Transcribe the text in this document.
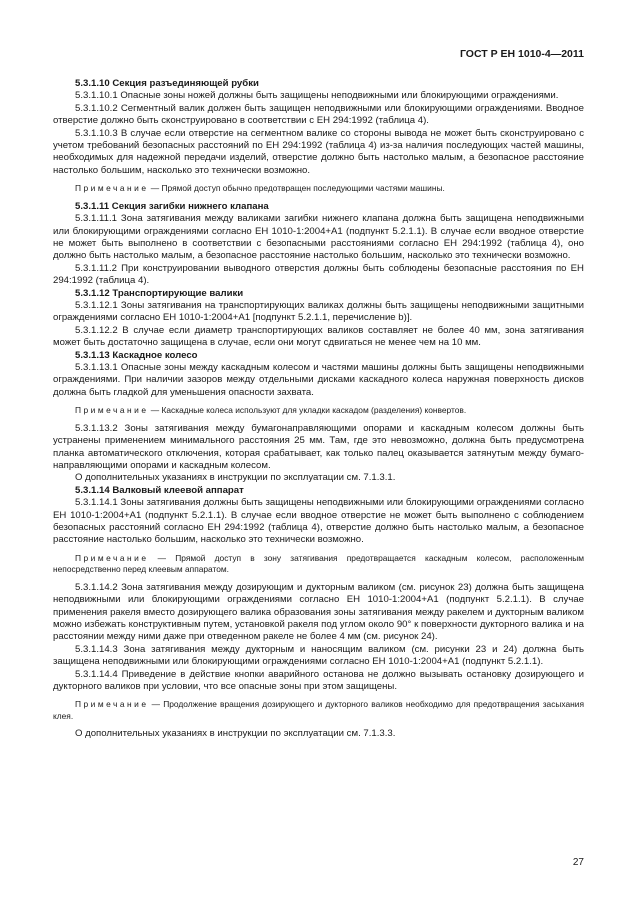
ГОСТ Р ЕН 1010-4—2011

5.3.1.10 Секция разъединяющей рубки

5.3.1.10.1 Опасные зоны ножей должны быть защищены неподвижными или блокирующими ограждениями.

5.3.1.10.2 Сегментный валик должен быть защищен неподвижными или блокирующими ограждениями. Вводное отверстие должно быть сконструировано в соответствии с ЕН 294:1992 (таблица 4).

5.3.1.10.3 В случае если отверстие на сегментном валике со стороны вывода не может быть сконструировано с учетом требований безопасных расстояний по ЕН 294:1992 (таблица 4) из-за наличия последующих частей машины, необходимых для надежной передачи изделий, отверстие должно быть настолько малым, а безопасное расстояние настолько большим, насколько это технически возможно.

Примечание — Прямой доступ обычно предотвращен последующими частями машины.

5.3.1.11 Секция загибки нижнего клапана

5.3.1.11.1 Зона затягивания между валиками загибки нижнего клапана должна быть защищена неподвижными или блокирующими ограждениями согласно ЕН 1010-1:2004+A1 (подпункт 5.2.1.1). В случае если вводное отверстие не может быть выполнено в соответствии с безопасными расстояниями согласно ЕН 294:1992 (таблица 4), оно должно быть настолько малым, а безопасное расстояние настолько большим, насколько это технически возможно.

5.3.1.11.2 При конструировании выводного отверстия должны быть соблюдены безопасные расстояния по ЕН 294:1992 (таблица 4).

5.3.1.12 Транспортирующие валики

5.3.1.12.1 Зоны затягивания на транспортирующих валиках должны быть защищены неподвижными защитными ограждениями согласно ЕН 1010-1:2004+A1 [подпункт 5.2.1.1, перечисление b)].

5.3.1.12.2 В случае если диаметр транспортирующих валиков составляет не более 40 мм, зона затягивания может быть достаточно защищена в случае, если они могут сдвигаться не менее чем на 10 мм.

5.3.1.13 Каскадное колесо

5.3.1.13.1 Опасные зоны между каскадным колесом и частями машины должны быть защищены неподвижными ограждениями. При наличии зазоров между отдельными дисками каскадного колеса наружная поверхность дисков должна быть гладкой для уменьшения опасности захвата.

Примечание — Каскадные колеса используют для укладки каскадом (разделения) конвертов.

5.3.1.13.2 Зоны затягивания между бумагонаправляющими опорами и каскадным колесом должны быть устранены применением минимального расстояния 25 мм. Там, где это невозможно, должна быть предусмотрена планка автоматического отключения, которая срабатывает, как только палец оказывается затянутым между бумагонаправляющими опорами и каскадным колесом.

О дополнительных указаниях в инструкции по эксплуатации см. 7.1.3.1.

5.3.1.14 Валковый клеевой аппарат

5.3.1.14.1 Зоны затягивания должны быть защищены неподвижными или блокирующими ограждениями согласно ЕН 1010-1:2004+A1 (подпункт 5.2.1.1). В случае если вводное отверстие не может быть выполнено с соблюдением безопасных расстояний согласно ЕН 294:1992 (таблица 4), отверстие должно быть настолько малым, а безопасное расстояние настолько большим, насколько это технически возможно.

Примечание — Прямой доступ в зону затягивания предотвращается каскадным колесом, расположенным непосредственно перед клеевым аппаратом.

5.3.1.14.2 Зона затягивания между дозирующим и дукторным валиком (см. рисунок 23) должна быть защищена неподвижными или блокирующими ограждениями согласно ЕН 1010-1:2004+A1 (подпункт 5.2.1.1). В случае применения ракеля вместо дозирующего валика образования зоны затягивания между ракелем и дукторным валиком можно избежать конструктивным путем, установкой ракеля под углом около 90° к поверхности дукторного валика и на расстоянии между ними даже при отведенном ракеле не более 4 мм (см. рисунок 24).

5.3.1.14.3 Зона затягивания между дукторным и наносящим валиком (см. рисунки 23 и 24) должна быть защищена неподвижными или блокирующими ограждениями согласно ЕН 1010-1:2004+A1 (подпункт 5.2.1.1).

5.3.1.14.4 Приведение в действие кнопки аварийного останова не должно вызывать остановку дозирующего и дукторного валиков при условии, что все опасные зоны при этом защищены.

Примечание — Продолжение вращения дозирующего и дукторного валиков необходимо для предотвращения засыхания клея.

О дополнительных указаниях в инструкции по эксплуатации см. 7.1.3.3.

27
